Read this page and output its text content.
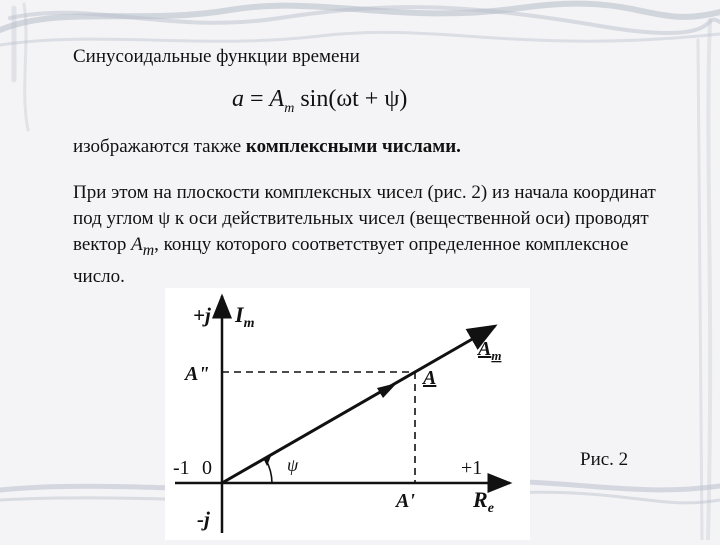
Синусоидальные функции времени
$a = A_m$ sin(ωt + ψ)
изображаются также комплексными числами.
При этом на плоскости комплексных чисел (рис. 2) из начала координат под углом ψ к оси действительных чисел (вещественной оси) проводят вектор $A_m$, концу которого соответствует определенное комплексное число.
+j $I_m$
A"	A
$A_m$
ψ
-1 0	+1
A'	$R_e$
-j
Рис. 2
